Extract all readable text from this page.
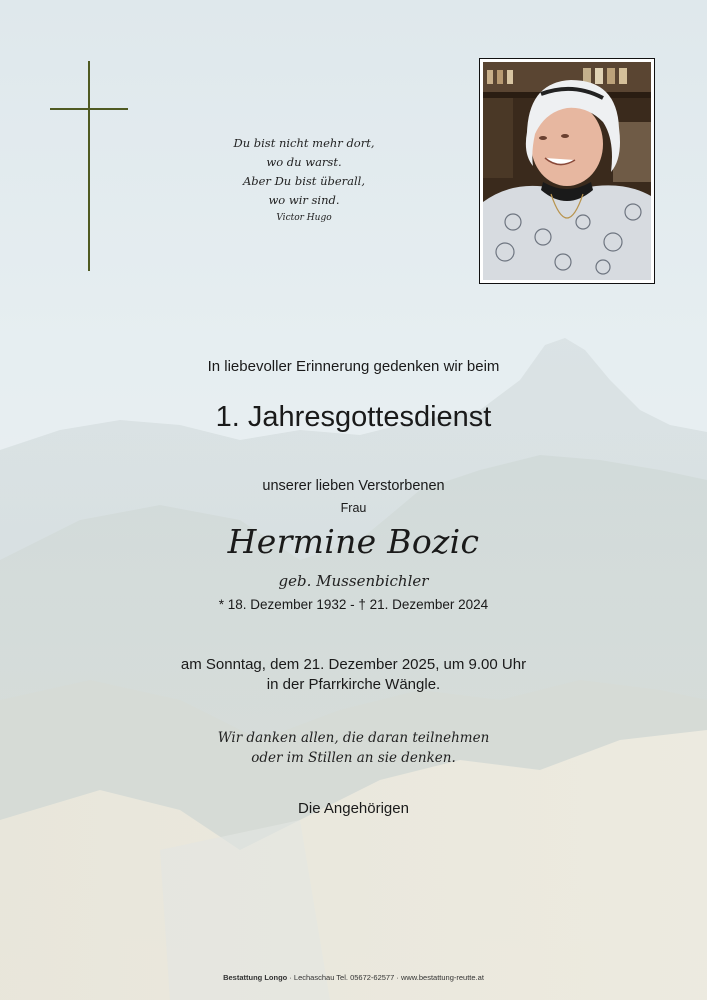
Du bist nicht mehr dort,
wo du warst.
Aber Du bist überall,
wo wir sind.
Victor Hugo
In liebevoller Erinnerung gedenken wir beim
1. Jahresgottesdienst
unserer lieben Verstorbenen
Frau
Hermine Bozic
geb. Mussenbichler
* 18. Dezember 1932 - † 21. Dezember 2024
am Sonntag, dem 21. Dezember 2025, um 9.00 Uhr
in der Pfarrkirche Wängle.
Wir danken allen, die daran teilnehmen
oder im Stillen an sie denken.
Die Angehörigen
Bestattung Longo · Lechaschau Tel. 05672-62577 · www.bestattung-reutte.at
